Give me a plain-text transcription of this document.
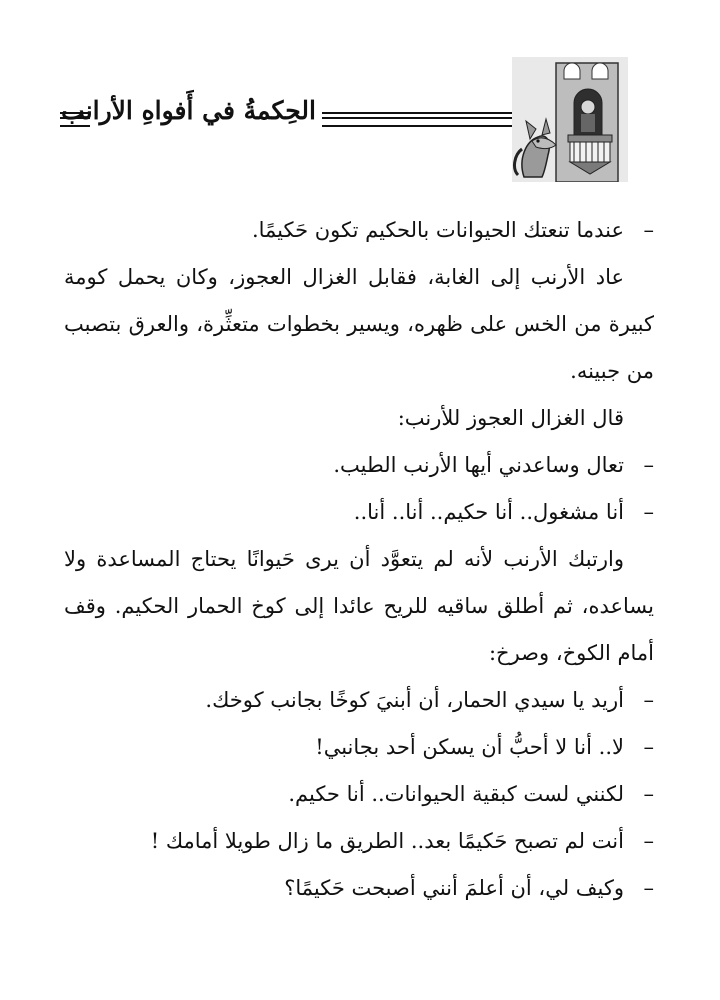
الحِكمةُ في أَفواهِ الأرانب
–عندما تنعتك الحيوانات بالحكيم تكون حَكيمًا.
عاد الأرنب إلى الغابة، فقابل الغزال العجوز، وكان يحمل كومة
كبيرة من الخس على ظهره، ويسير بخطوات متعثِّرة، والعرق بتصبب
من جبينه.
قال الغزال العجوز للأرنب:
–تعال وساعدني أيها الأرنب الطيب.
–أنا مشغول.. أنا حكيم.. أنا.. أنا..
وارتبك الأرنب لأنه لم يتعوَّد أن يرى حَيوانًا يحتاج المساعدة ولا
يساعده، ثم أطلق ساقيه للريح عائدا إلى كوخ الحمار الحكيم. وقف
أمام الكوخ، وصرخ:
–أريد يا سيدي الحمار، أن أبنيَ كوخًا بجانب كوخك.
–لا.. أنا لا أحبُّ أن يسكن أحد بجانبي!
–لكنني لست كبقية الحيوانات.. أنا حكيم.
–أنت لم تصبح حَكيمًا بعد.. الطريق ما زال طويلا أمامك !
–وكيف لي، أن أعلمَ أنني أصبحت حَكيمًا؟
